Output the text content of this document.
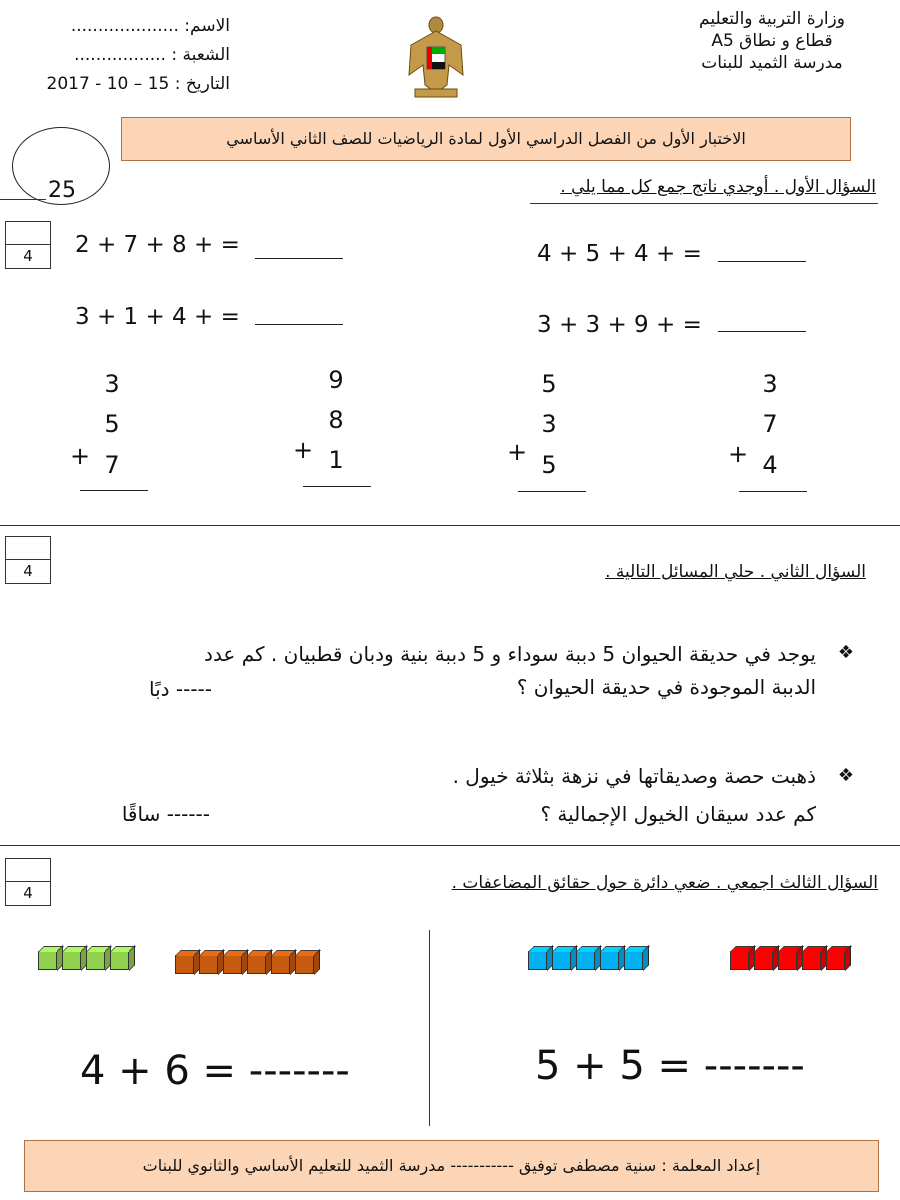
وزارة التربية والتعليم
قطاع و نطاق A5
مدرسة الثميد للبنات
الاسم: ....................
الشعبة : .................
التاريخ : 15 – 10 - 2017
الاختبار الأول من الفصل الدراسي الأول لمادة الرياضيات للصف الثاني الأساسي
25	السؤال الأول . أوجدي ناتج جمع كل مما يلي .
4	2 + 7 + 8 + =
3 + 1 + 4 + =
4 + 5 + 4 + =
3 + 3 + 9 + =
3
5
7
+
9
8
1
+
5
3
5
+
3
7
4
+
4	السؤال الثاني . حلي المسائل التالية .
❖
يوجد في حديقة الحيوان 5 دببة سوداء و 5 دببة بنية ودبان قطبيان . كم عدد
الدببة الموجودة في حديقة الحيوان ؟
----- دبًا
❖
ذهبت حصة وصديقاتها في نزهة بثلاثة خيول .
كم عدد سيقان الخيول الإجمالية ؟
------ ساقًا
4	السؤال الثالث اجمعي . ضعي دائرة حول حقائق المضاعفات .
4 + 6 = -------	5 + 5 = -------
إعداد المعلمة : سنية مصطفى توفيق ----------- مدرسة الثميد للتعليم الأساسي والثانوي للبنات
